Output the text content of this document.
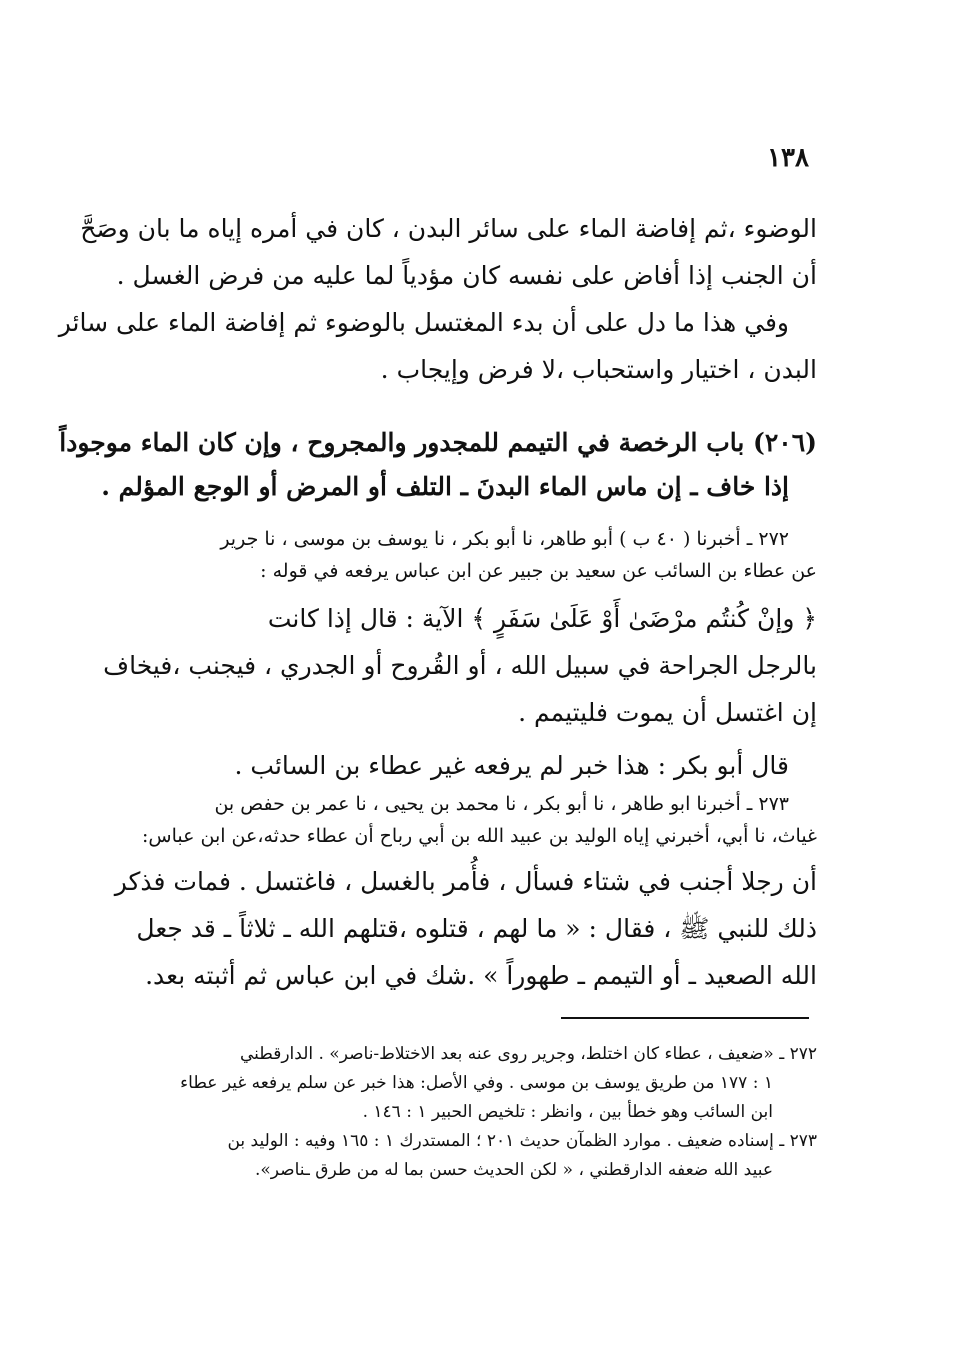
١٣٨
الوضوء ،ثم إفاضة الماء على سائر البدن ، كان في أمره إياه ما بان وصَحَّ
أن الجنب إذا أفاض على نفسه كان مؤدياً لما عليه من فرض الغسل .
وفي هذا ما دل على أن بدء المغتسل بالوضوء ثم إفاضة الماء على سائر
البدن ، اختيار واستحباب ،لا فرض وإيجاب .
(٢٠٦) باب الرخصة في التيمم للمجدور والمجروح ، وإن كان الماء موجوداً
إذا خاف ـ إن ماس الماء البدنَ ـ التلف أو المرض أو الوجع المؤلم .
٢٧٢ ـ أخبرنا ( ٤٠ ب ) أبو طاهر، نا أبو بكر ، نا يوسف بن موسى ، نا جرير
عن عطاء بن السائب عن سعيد بن جبير عن ابن عباس يرفعه في قوله :
﴿ وإنْ كُنتُم مرْضَىٰ أَوْ عَلَىٰ سَفَرٍ ﴾ الآية : قال إذا كانت
بالرجل الجراحة في سبيل الله ، أو القُروح أو الجدري ، فيجنب ،فيخاف
إن اغتسل أن يموت فليتيمم .
قال أبو بكر : هذا خبر لم يرفعه غير عطاء بن السائب .
٢٧٣ ـ أخبرنا ابو طاهر ، نا أبو بكر ، نا محمد بن يحيى ، نا عمر بن حفص بن
غياث، نا أبي، أخبرني إياه الوليد بن عبيد الله بن أبي رباح أن عطاء حدثه،عن ابن عباس:
أن رجلا أجنب في شتاء فسأل ، فأُمر بالغسل ، فاغتسل . فمات فذكر
ذلك للنبي ﷺ ، فقال : « ما لهم ، قتلوه ،قتلهم الله ـ ثلاثاً ـ قد جعل
الله الصعيد ـ أو التيمم ـ طهوراً » .شك في ابن عباس ثم أثبته بعد.
٢٧٢ ـ «ضعيف ، عطاء كان اختلط، وجرير روى عنه بعد الاختلاط-ناصر» . الدارقطني
١ : ١٧٧ من طريق يوسف بن موسى . وفي الأصل: هذا خبر عن سلم يرفعه غير عطاء
ابن السائب وهو خطأ بين ، وانظر : تلخيص الحبير ١ : ١٤٦ .
٢٧٣ ـ إسناده ضعيف . موارد الظمآن حديث ٢٠١ ؛ المستدرك ١ : ١٦٥ وفيه : الوليد بن
عبيد الله ضعفه الدارقطني ، « لكن الحديث حسن بما له من طرق ـناصر».
